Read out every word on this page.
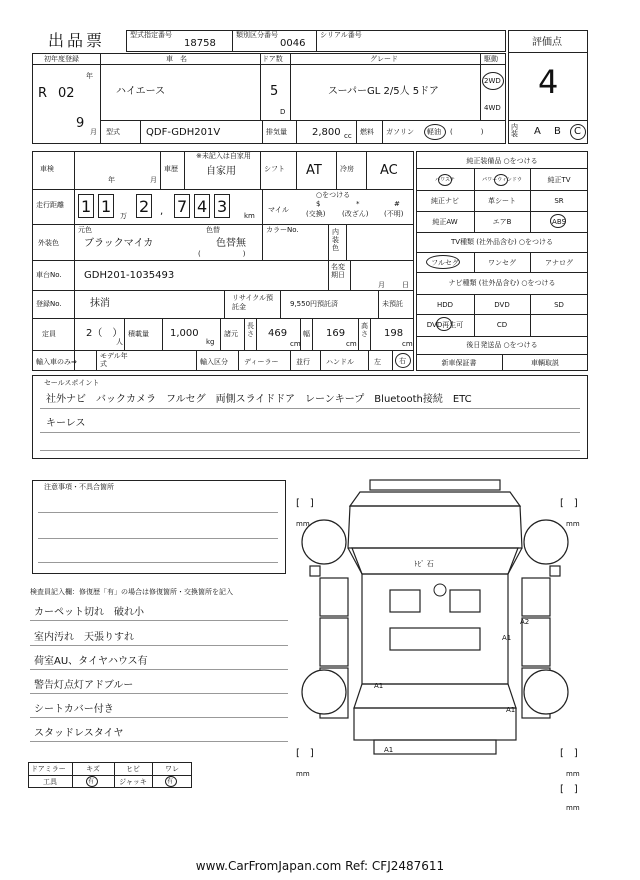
出品票	型式指定番号
18758
類別区分番号
0046
シリアル番号
評価点
4
内装	A B C
初年度登録	車　名	ドア数	グレード	駆動
R 02
年
9
月
ハイエース	5
D
スーパーGL 2/5人 5ドア
2WD
4WD
型式	QDF-GDH201V	排気量	2,800 cc 燃料 ガソリン 軽油 (　　　　)
車検
年	月
車歴
※未記入は自家用
自家用	シフト AT	冷房 AC
走行距離 1 1 万 2 , 7 4 3 km
○をつける
マイル
$
(交換)
*
(改ざん)
#
(不明)
外装色
元色
ブラックマイカ
色替
色替無
(　　　　　　)
カラーNo.	内装色
車台No. GDH201-1035493
名変期日
月 日
登録No.	抹消	リサイクル預託金	9,550円預託済	未預託
定員	2（　）
人
積載量 1,000
kg
諸元
長さ 469
cm
幅 169
cm
高さ 198
cm
輸入車のみ⇒
モデル年式	輸入区分 ディーラー	並行 ハンドル	左	右
純正装備品 ○をつける
パワステ	パワーウィンドウ	純正TV
純正ナビ	革シート	SR
純正AW	エアB	ABS
TV種類 (社外品含む) ○をつける
フルセグ	ワンセグ	アナログ
ナビ種類 (社外品含む) ○をつける
HDD	DVD	SD
DVD再生可	CD
後日発送品 ○をつける
新車保証書	車輌取説
セールスポイント
社外ナビ　バックカメラ　フルセグ　両側スライドドア　レーンキープ　Bluetooth接続　ETC
キーレス
注意事項・不具合箇所
検査員記入欄：修復歴「有」の場合は修復箇所・交換箇所を記入
カーペット切れ　破れ小
室内汚れ　天張りすれ
荷室AU、タイヤハウス有
警告灯点灯アドブルー
シートカバー付き
スタッドレスタイヤ
ドアミラー	キズ	ヒビ	ワレ
工具	有	ジャッキ	有
ﾄﾋﾞ 石
A2
A1
A1
A1
A1
[　]
mm
[　]
mm
[　]
mm
[　]
mm
[　]
mm
www.CarFromJapan.com Ref: CFJ2487611
